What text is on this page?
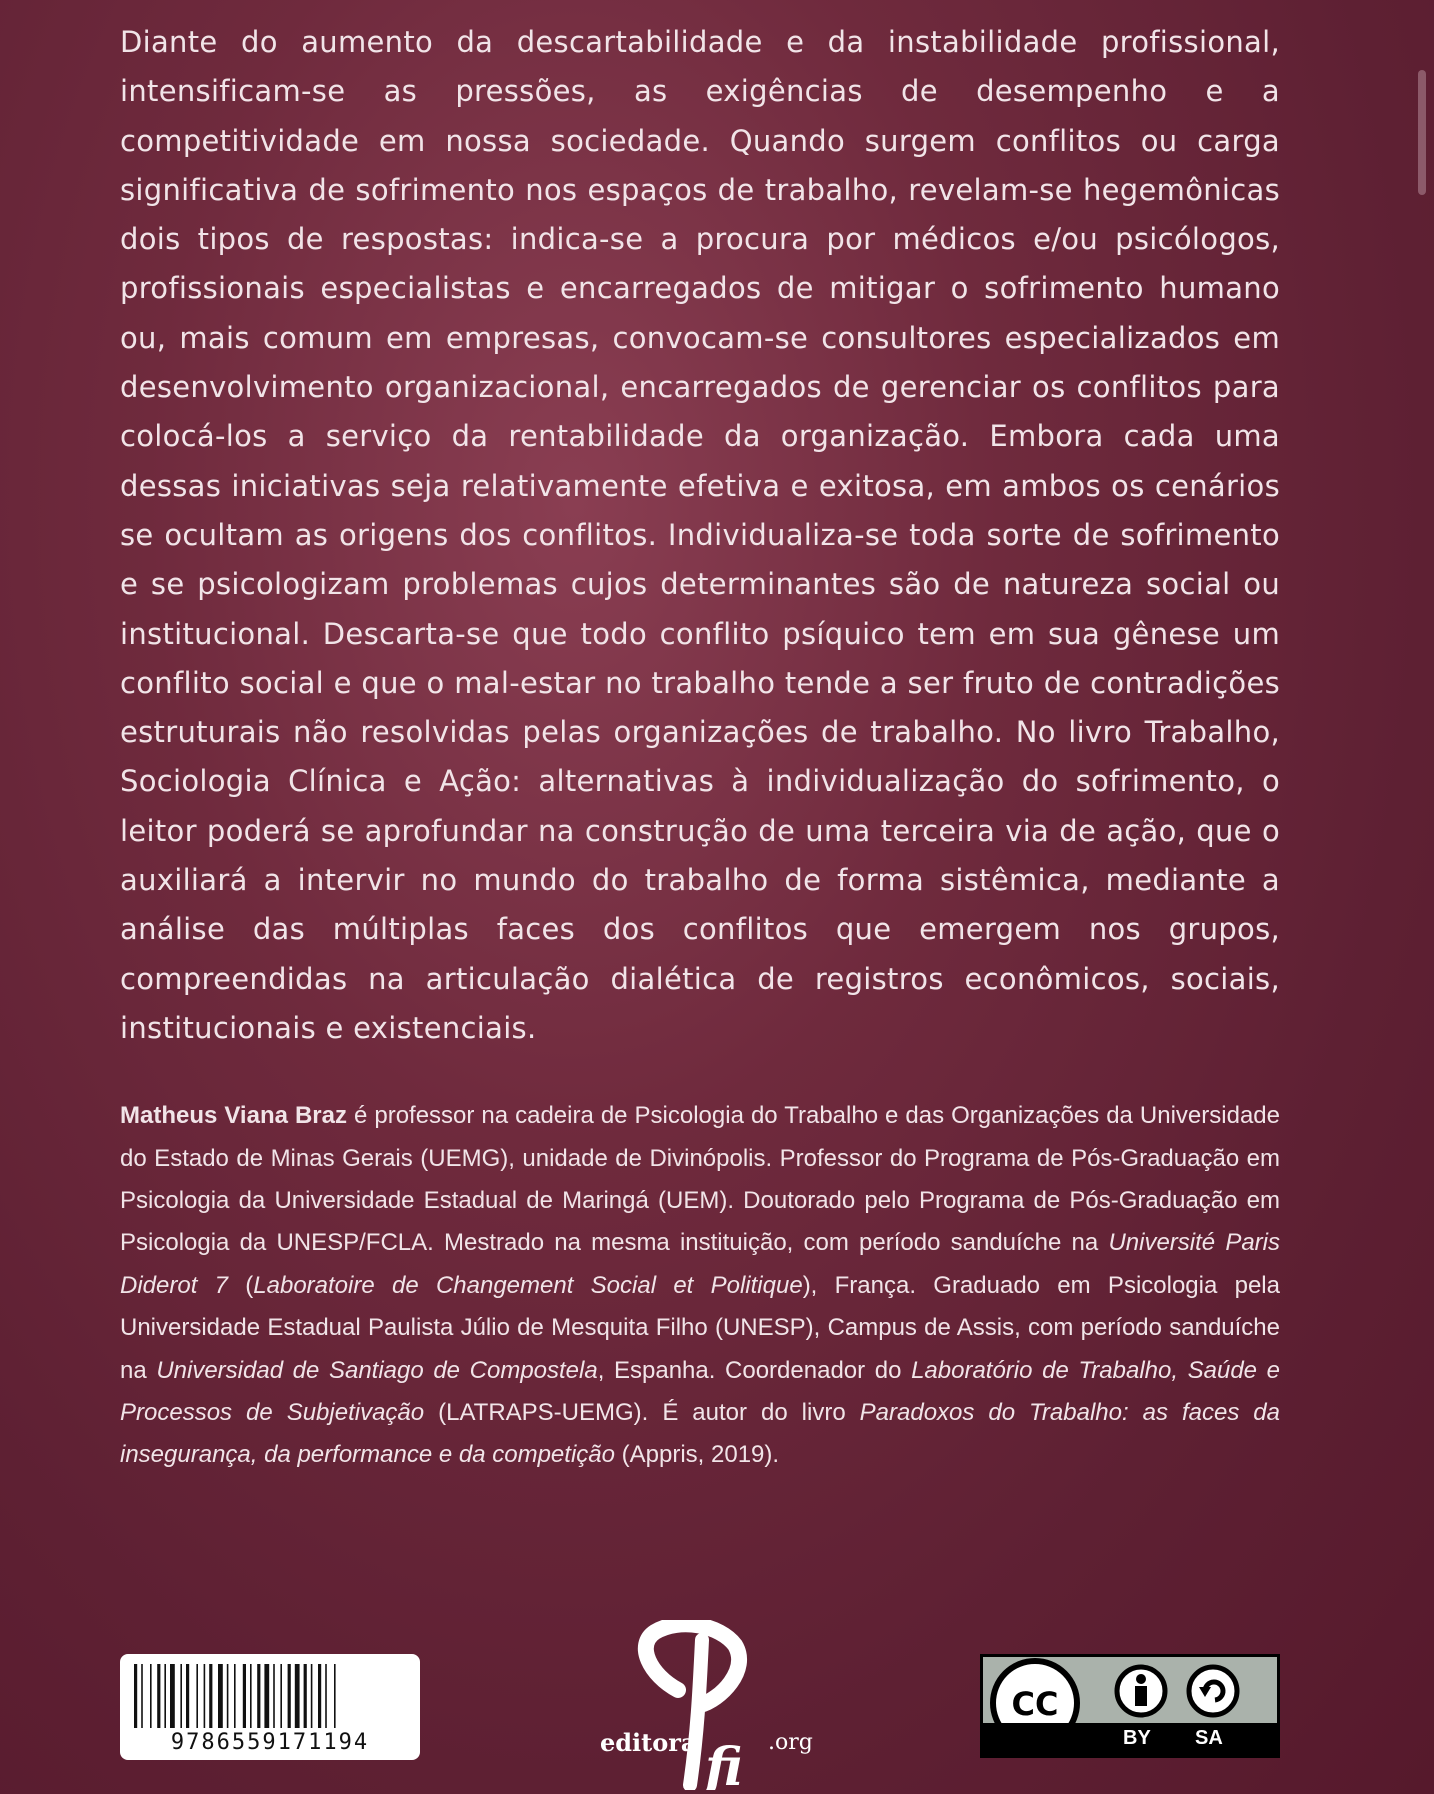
Diante do aumento da descartabilidade e da instabilidade profissional, intensificam-se as pressões, as exigências de desempenho e a competitividade em nossa sociedade. Quando surgem conflitos ou carga significativa de sofrimento nos espaços de trabalho, revelam-se hegemônicas dois tipos de respostas: indica-se a procura por médicos e/ou psicólogos, profissionais especialistas e encarregados de mitigar o sofrimento humano ou, mais comum em empresas, convocam-se consultores especializados em desenvolvimento organizacional, encarregados de gerenciar os conflitos para colocá-los a serviço da rentabilidade da organização. Embora cada uma dessas iniciativas seja relativamente efetiva e exitosa, em ambos os cenários se ocultam as origens dos conflitos. Individualiza-se toda sorte de sofrimento e se psicologizam problemas cujos determinantes são de natureza social ou institucional. Descarta-se que todo conflito psíquico tem em sua gênese um conflito social e que o mal-estar no trabalho tende a ser fruto de contradições estruturais não resolvidas pelas organizações de trabalho. No livro Trabalho, Sociologia Clínica e Ação: alternativas à individualização do sofrimento, o leitor poderá se aprofundar na construção de uma terceira via de ação, que o auxiliará a intervir no mundo do trabalho de forma sistêmica, mediante a análise das múltiplas faces dos conflitos que emergem nos grupos, compreendidas na articulação dialética de registros econômicos, sociais, institucionais e existenciais.

Matheus Viana Braz é professor na cadeira de Psicologia do Trabalho e das Organizações da Universidade do Estado de Minas Gerais (UEMG), unidade de Divinópolis. Professor do Programa de Pós-Graduação em Psicologia da Universidade Estadual de Maringá (UEM). Doutorado pelo Programa de Pós-Graduação em Psicologia da UNESP/FCLA. Mestrado na mesma instituição, com período sanduíche na Université Paris Diderot 7 (Laboratoire de Changement Social et Politique), França. Graduado em Psicologia pela Universidade Estadual Paulista Júlio de Mesquita Filho (UNESP), Campus de Assis, com período sanduíche na Universidad de Santiago de Compostela, Espanha. Coordenador do Laboratório de Trabalho, Saúde e Processos de Subjetivação (LATRAPS-UEMG). É autor do livro Paradoxos do Trabalho: as faces da insegurança, da performance e da competição (Appris, 2019).

9786559171194	fi
editora	.org
CC
BY SA
